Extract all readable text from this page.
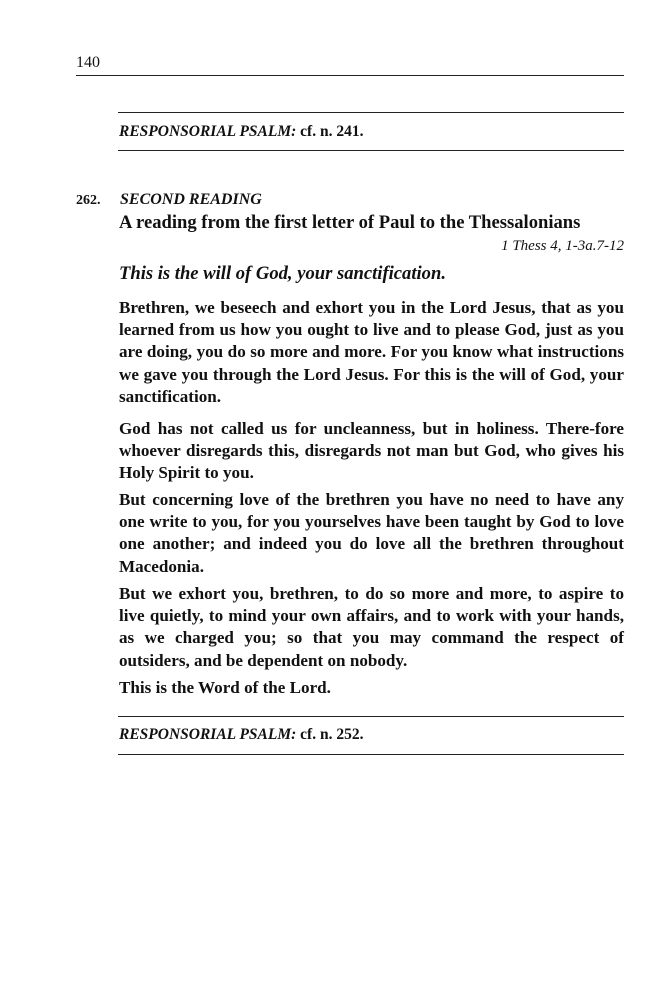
140
RESPONSORIAL PSALM: cf. n. 241.
262. SECOND READING
A reading from the first letter of Paul to the Thessalonians
1 Thess 4, 1-3a.7-12
This is the will of God, your sanctification.
Brethren, we beseech and exhort you in the Lord Jesus, that as you learned from us how you ought to live and to please God, just as you are doing, you do so more and more. For you know what instructions we gave you through the Lord Jesus. For this is the will of God, your sanctification.
God has not called us for uncleanness, but in holiness. There-fore whoever disregards this, disregards not man but God, who gives his Holy Spirit to you.
But concerning love of the brethren you have no need to have any one write to you, for you yourselves have been taught by God to love one another; and indeed you do love all the brethren throughout Macedonia.
But we exhort you, brethren, to do so more and more, to aspire to live quietly, to mind your own affairs, and to work with your hands, as we charged you; so that you may command the respect of outsiders, and be dependent on nobody.
This is the Word of the Lord.
RESPONSORIAL PSALM: cf. n. 252.
